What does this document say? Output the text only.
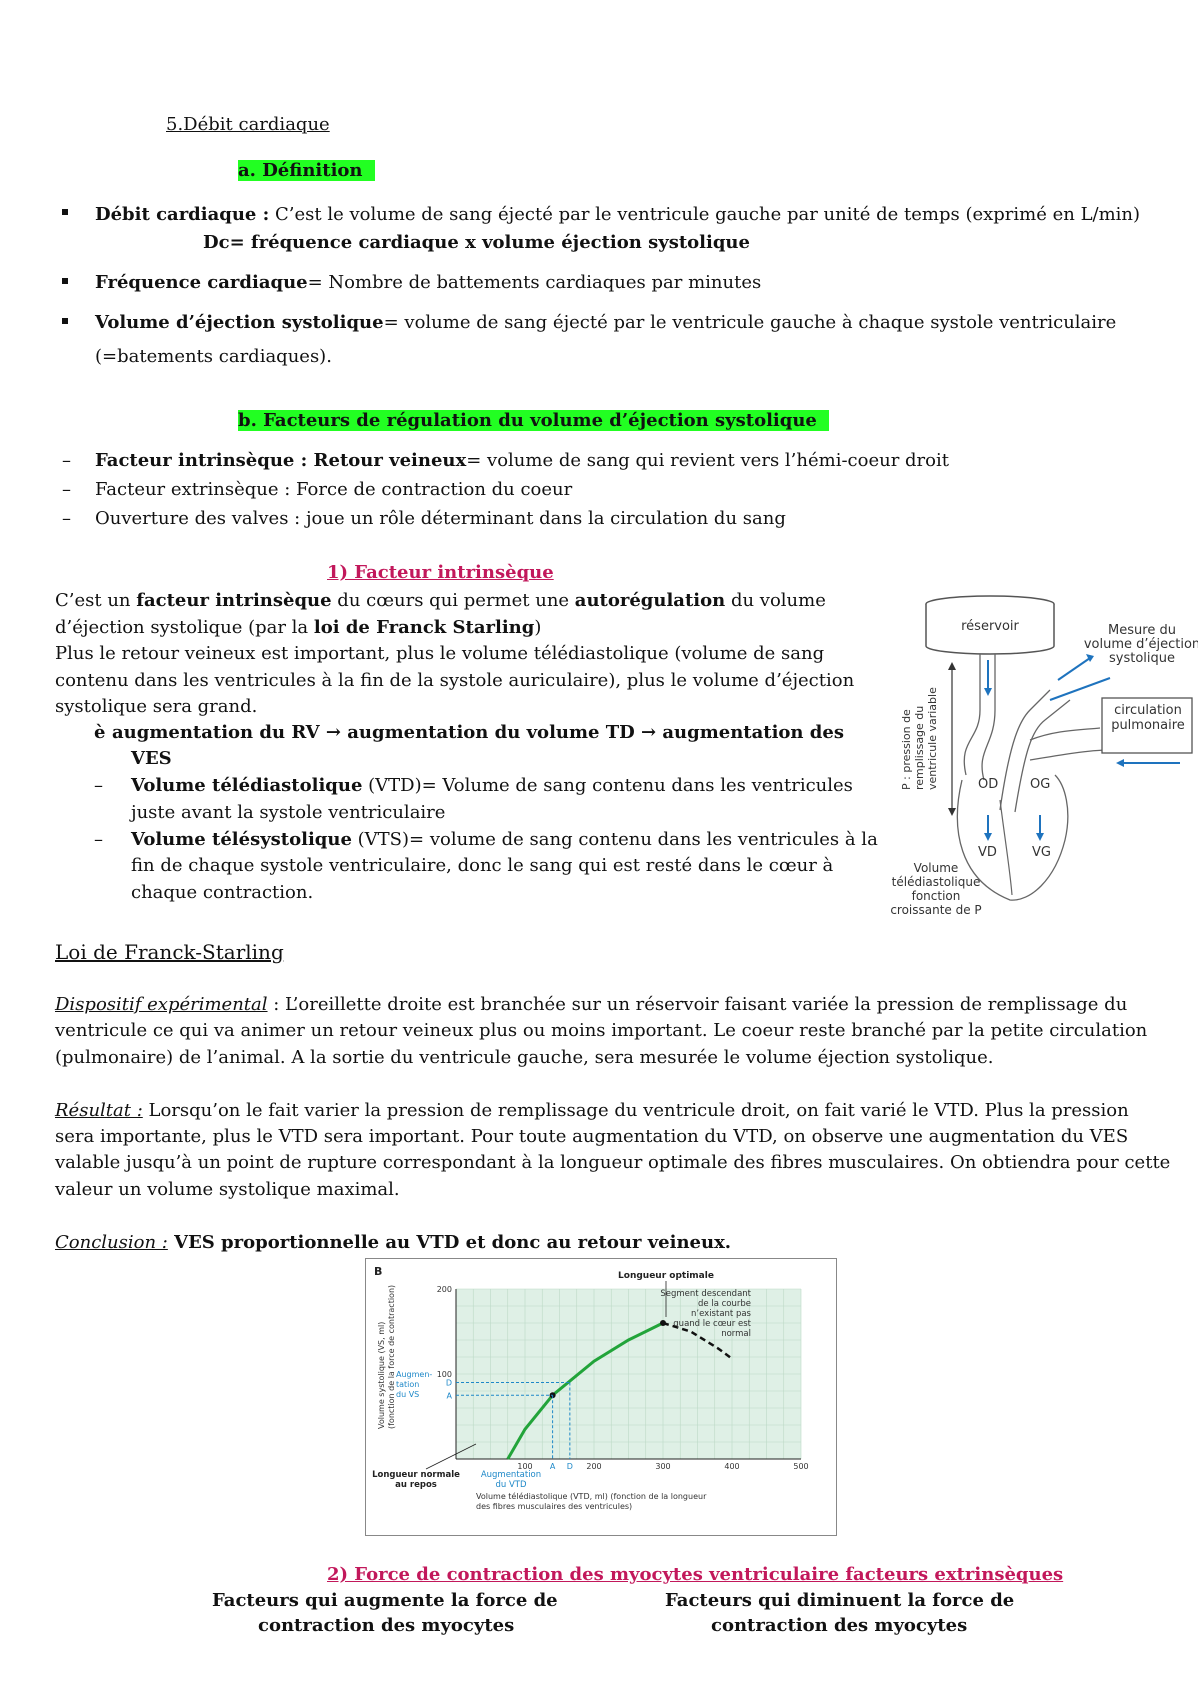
5.Débit cardiaque
a. Définition
Débit cardiaque : C’est le volume de sang éjecté par le ventricule gauche par unité de temps (exprimé en L/min)
Dc= fréquence cardiaque x volume éjection systolique
Fréquence cardiaque= Nombre de battements cardiaques par minutes
Volume d’éjection systolique= volume de sang éjecté par le ventricule gauche à chaque systole ventriculaire
(=batements cardiaques).
b. Facteurs de régulation du volume d’éjection systolique
– Facteur intrinsèque : Retour veineux= volume de sang qui revient vers l’hémi-coeur droit
– Facteur extrinsèque : Force de contraction du coeur
– Ouverture des valves : joue un rôle déterminant dans la circulation du sang
1) Facteur intrinsèque
C’est un facteur intrinsèque du cœurs qui permet une autorégulation du volume
d’éjection systolique (par la loi de Franck Starling)
Plus le retour veineux est important, plus le volume télédiastolique (volume de sang
contenu dans les ventricules à la fin de la systole auriculaire), plus le volume d’éjection
systolique sera grand.
è augmentation du RV → augmentation du volume TD → augmentation des
VES
– Volume télédiastolique (VTD)= Volume de sang contenu dans les ventricules
juste avant la systole ventriculaire
– Volume télésystolique (VTS)= volume de sang contenu dans les ventricules à la
fin de chaque systole ventriculaire, donc le sang qui est resté dans le cœur à
chaque contraction.
réservoir
P : pression de remplissage du ventricule variable	circulation
pulmonaire
Mesure du
volume d’éjection
systolique
OD OG
VD	VG
Volume
télédiastolique
fonction
croissante de P
Loi de Franck-Starling
Dispositif expérimental : L’oreillette droite est branchée sur un réservoir faisant variée la pression de remplissage du
ventricule ce qui va animer un retour veineux plus ou moins important. Le coeur reste branché par la petite circulation
(pulmonaire) de l’animal. A la sortie du ventricule gauche, sera mesurée le volume éjection systolique.
Résultat : Lorsqu’on le fait varier la pression de remplissage du ventricule droit, on fait varié le VTD. Plus la pression
sera importante, plus le VTD sera important. Pour toute augmentation du VTD, on observe une augmentation du VES
valable jusqu’à un point de rupture correspondant à la longueur optimale des fibres musculaires. On obtiendra pour cette
valeur un volume systolique maximal.
Conclusion : VES proportionnelle au VTD et donc au retour veineux.
B
100	200	300	400	500
100
200
A D
A
D
Longueur optimale
Segment descendant
de la courbe
n’existant pas
quand le cœur est
normal
Longueur normale
au repos
Augmentation
du VTD
Augmen-
tation
du VS
Volume télédiastolique (VTD, ml) (fonction de la longueur
des fibres musculaires des ventricules)
Volume systolique (VS, ml) (fonction de la force de contraction)
2) Force de contraction des myocytes ventriculaire facteurs extrinsèques
Facteurs qui augmente la force de
contraction des myocytes
Facteurs qui diminuent la force de
contraction des myocytes
